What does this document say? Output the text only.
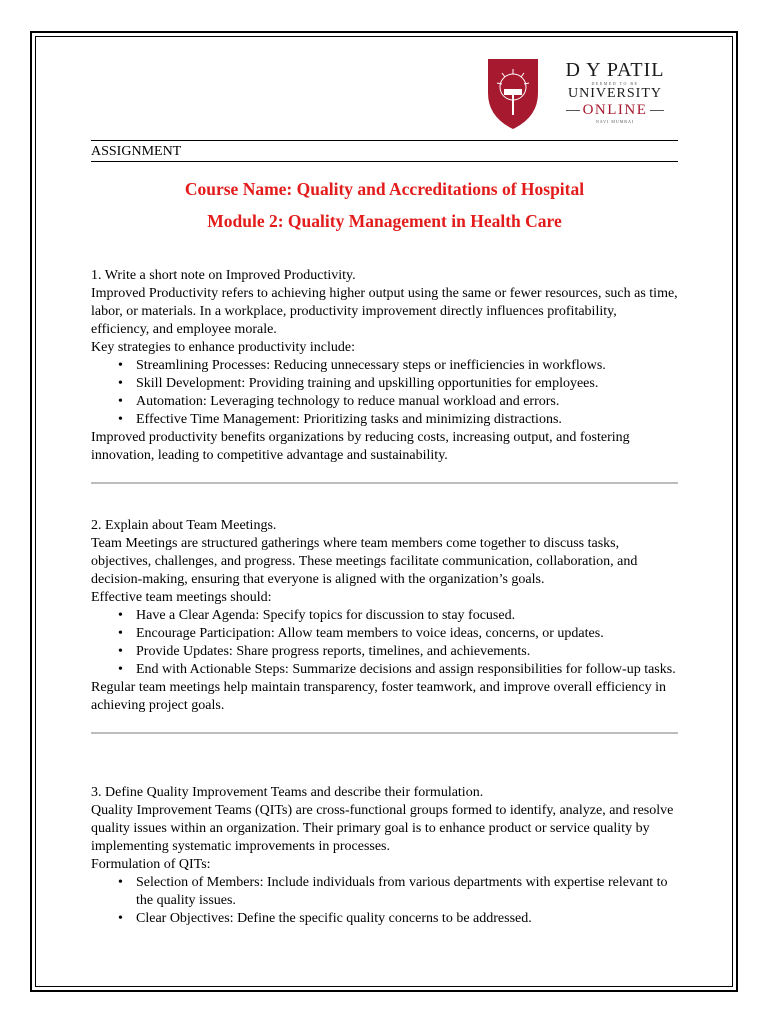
D Y PATIL
DEEMED TO BE
UNIVERSITY
ONLINE
NAVI MUMBAI
ASSIGNMENT
Course Name: Quality and Accreditations of Hospital
Module 2: Quality Management in Health Care

1. Write a short note on Improved Productivity.

Improved Productivity refers to achieving higher output using the same or fewer resources, such as time, labor, or materials. In a workplace, productivity improvement directly influences profitability, efficiency, and employee morale.

Key strategies to enhance productivity include:

• Streamlining Processes: Reducing unnecessary steps or inefficiencies in workflows.
• Skill Development: Providing training and upskilling opportunities for employees.
• Automation: Leveraging technology to reduce manual workload and errors.
• Effective Time Management: Prioritizing tasks and minimizing distractions.

Improved productivity benefits organizations by reducing costs, increasing output, and fostering innovation, leading to competitive advantage and sustainability.

2. Explain about Team Meetings.

Team Meetings are structured gatherings where team members come together to discuss tasks, objectives, challenges, and progress. These meetings facilitate communication, collaboration, and decision-making, ensuring that everyone is aligned with the organization’s goals.

Effective team meetings should:

• Have a Clear Agenda: Specify topics for discussion to stay focused.
• Encourage Participation: Allow team members to voice ideas, concerns, or updates.
• Provide Updates: Share progress reports, timelines, and achievements.
• End with Actionable Steps: Summarize decisions and assign responsibilities for follow-up tasks.

Regular team meetings help maintain transparency, foster teamwork, and improve overall efficiency in achieving project goals.

3. Define Quality Improvement Teams and describe their formulation.

Quality Improvement Teams (QITs) are cross-functional groups formed to identify, analyze, and resolve quality issues within an organization. Their primary goal is to enhance product or service quality by implementing systematic improvements in processes.

Formulation of QITs:

• Selection of Members: Include individuals from various departments with expertise relevant to the quality issues.
• Clear Objectives: Define the specific quality concerns to be addressed.
